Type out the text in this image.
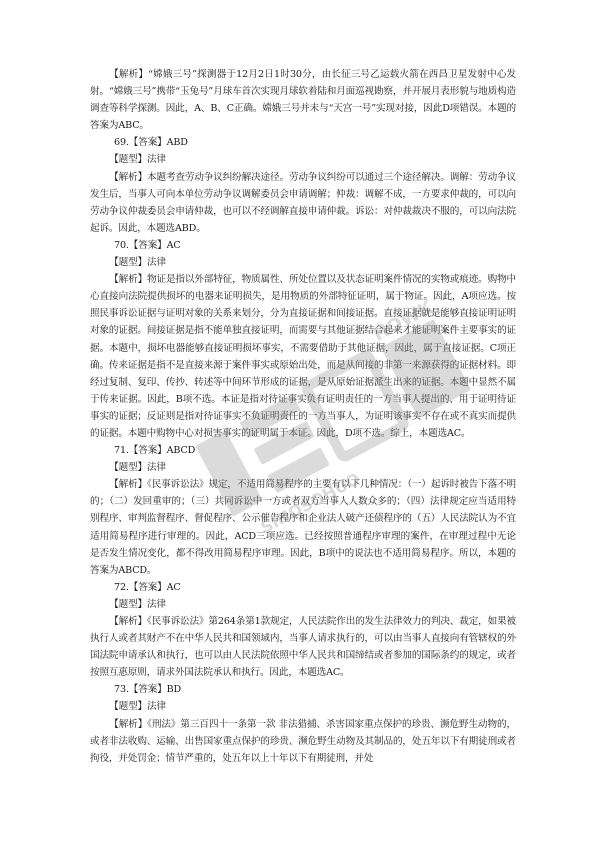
【解析】“嫦娥三号”探测器于12月2日1时30分，由长征三号乙运载火箭在西昌卫星发射中心发射。“嫦娥三号”携带“玉兔号”月球车首次实现月球软着陆和月面巡视勘察，并开展月表形貌与地质构造调查等科学探测。因此，A、B、C正确。嫦娥三号并未与“天宫一号”实现对接，因此D项错误。本题的答案为ABC。

69.【答案】ABD

【题型】法律

【解析】本题考查劳动争议纠纷解决途径。劳动争议纠纷可以通过三个途径解决。调解：劳动争议发生后，当事人可向本单位劳动争议调解委员会申请调解；仲裁：调解不成，一方要求仲裁的，可以向劳动争议仲裁委员会申请仲裁，也可以不经调解直接申请仲裁。诉讼：对仲裁裁决不服的，可以向法院起诉。因此，本题选ABD。

70.【答案】AC

【题型】法律

【解析】物证是指以外部特征，物质属性、所处位置以及状态证明案件情况的实物或痕迹。购物中心直接向法院提供损坏的电器来证明损失，是用物质的外部特征证明，属于物证。因此，A项应选。按照民事诉讼证据与证明对象的关系来划分，分为直接证据和间接证据。直接证据就是能够直接证明证明对象的证据。间接证据是指不能单独直接证明，而需要与其他证据结合起来才能证明案件主要事实的证据。本题中，损坏电器能够直接证明损坏事实，不需要借助于其他证据，因此，属于直接证据。C项正确。传来证据是指不是直接来源于案件事实或原始出处，而是从间接的非第一来源获得的证据材料。即经过复制、复印、传抄、转述等中间环节形成的证据，是从原始证据派生出来的证据。本题中显然不属于传来证据。因此，B项不选。本证是指对待证事实负有证明责任的一方当事人提出的、用于证明待证事实的证据；反证则是指对待证事实不负证明责任的一方当事人，为证明该事实不存在或不真实而提供的证据。本题中购物中心对损害事实的证明属于本证。因此，D项不选。综上，本题选AC。

71.【答案】ABCD

【题型】法律

【解析】《民事诉讼法》规定，不适用简易程序的主要有以下几种情况：（一）起诉时被告下落不明的；（二）发回重审的；（三）共同诉讼中一方或者双方当事人人数众多的；（四）法律规定应当适用特别程序、审判监督程序、督促程序、公示催告程序和企业法人破产还债程序的（五）人民法院认为不宜适用简易程序进行审理的。因此，ACD三项应选。已经按照普通程序审理的案件，在审理过程中无论是否发生情况变化，都不得改用简易程序审理。因此，B项中的说法也不适用简易程序。所以，本题的答案为ABCD。

72.【答案】AC

【题型】法律

【解析】《民事诉讼法》第264条第1款规定，人民法院作出的发生法律效力的判决、裁定，如果被执行人或者其财产不在中华人民共和国领域内，当事人请求执行的，可以由当事人直接向有管辖权的外国法院申请承认和执行，也可以由人民法院依照中华人民共和国缔结或者参加的国际条约的规定，或者按照互惠原则，请求外国法院承认和执行。因此，本题选AC。

73.【答案】BD

【题型】法律

【解析】《刑法》第三百四十一条第一款 非法猎捕、杀害国家重点保护的珍贵、濒危野生动物的，或者非法收购、运输、出售国家重点保护的珍贵、濒危野生动物及其制品的，处五年以下有期徒刑或者拘役，并处罚金；情节严重的，处五年以上十年以下有期徒刑，并处

SINOSOHUO
HOWK
